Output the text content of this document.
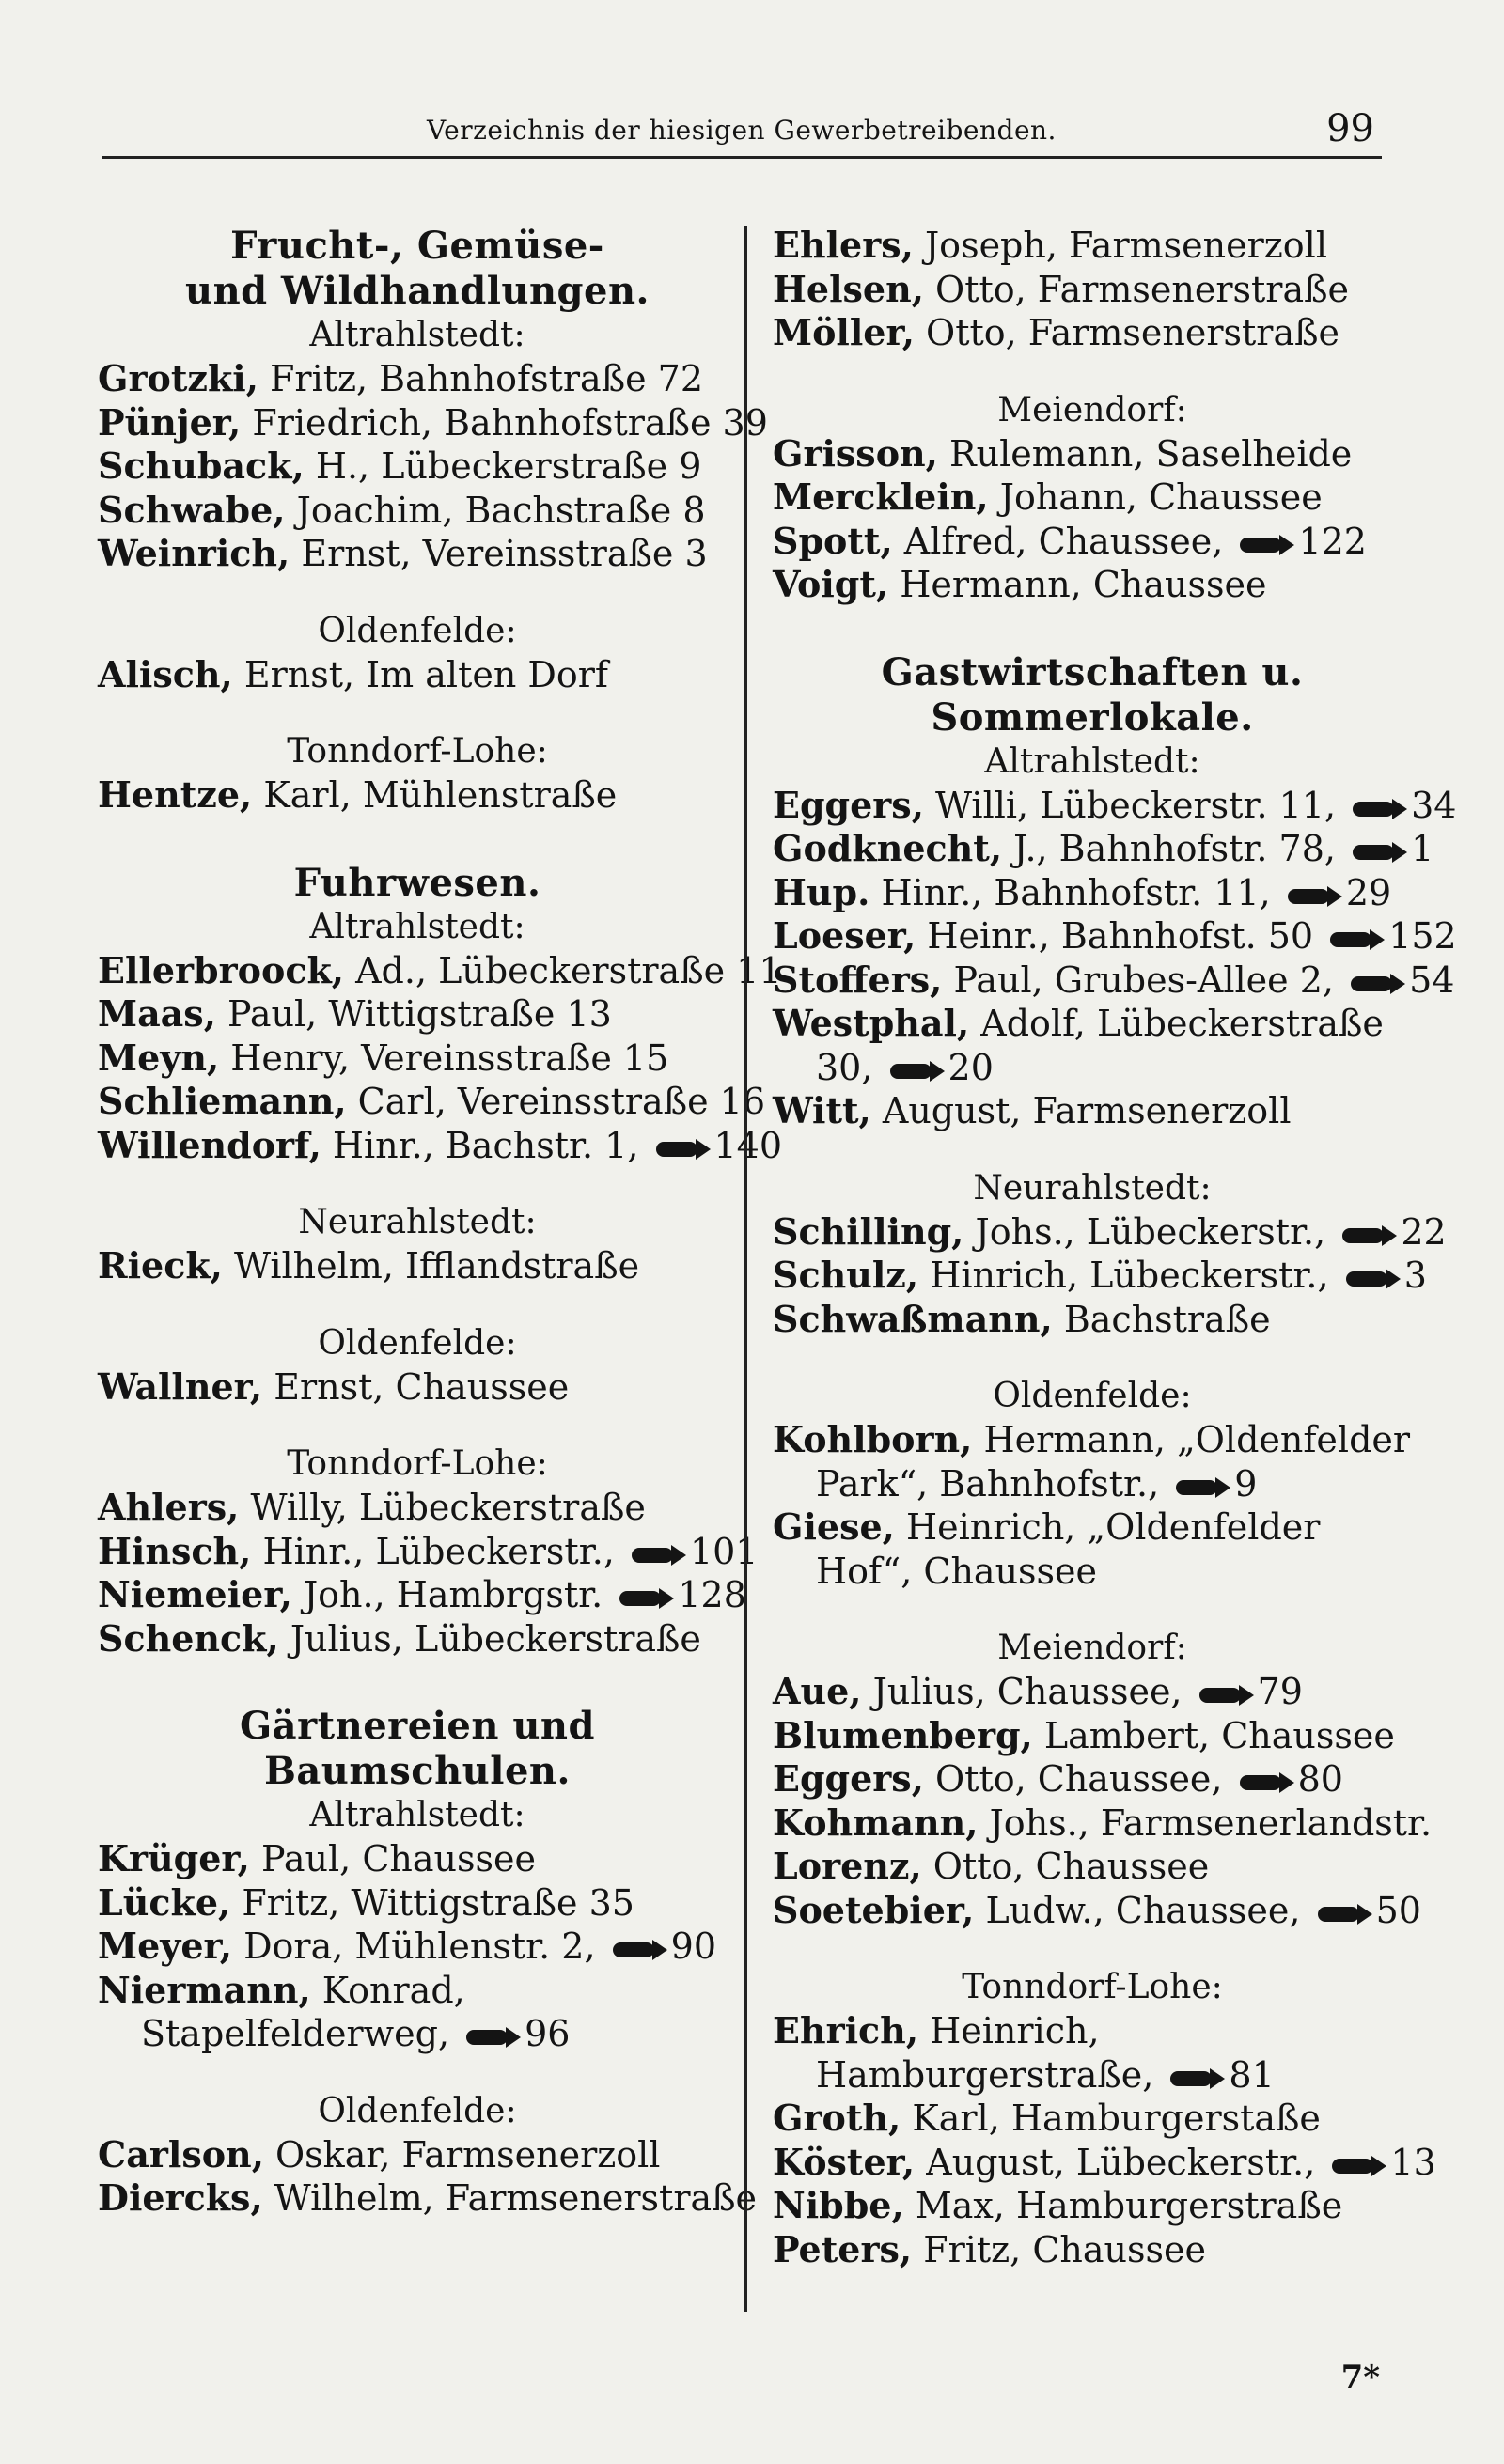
Verzeichnis der hiesigen Gewerbetreibenden.	99
Frucht-, Gemüse-
und Wildhandlungen.
Altrahlstedt:
Grotzki, Fritz, Bahnhofstraße 72
Pünjer, Friedrich, Bahnhofstraße 39
Schuback, H., Lübeckerstraße 9
Schwabe, Joachim, Bachstraße 8
Weinrich, Ernst, Vereinsstraße 3
Oldenfelde:
Alisch, Ernst, Im alten Dorf
Tonndorf-Lohe:
Hentze, Karl, Mühlenstraße
Fuhrwesen.
Altrahlstedt:
Ellerbroock, Ad., Lübeckerstraße 11
Maas, Paul, Wittigstraße 13
Meyn, Henry, Vereinsstraße 15
Schliemann, Carl, Vereinsstraße 16
Willendorf, Hinr., Bachstr. 1, 140
Neurahlstedt:
Rieck, Wilhelm, Ifflandstraße
Oldenfelde:
Wallner, Ernst, Chaussee
Tonndorf-Lohe:
Ahlers, Willy, Lübeckerstraße
Hinsch, Hinr., Lübeckerstr., 101
Niemeier, Joh., Hambrgstr. 128
Schenck, Julius, Lübeckerstraße
Gärtnereien und Baumschulen.
Altrahlstedt:
Krüger, Paul, Chaussee
Lücke, Fritz, Wittigstraße 35
Meyer, Dora, Mühlenstr. 2, 90
Niermann, Konrad, Stapelfelderweg, 96
Oldenfelde:
Carlson, Oskar, Farmsenerzoll
Diercks, Wilhelm, Farmsenerstraße
Ehlers, Joseph, Farmsenerzoll
Helsen, Otto, Farmsenerstraße
Möller, Otto, Farmsenerstraße
Meiendorf:
Grisson, Rulemann, Saselheide
Mercklein, Johann, Chaussee
Spott, Alfred, Chaussee, 122
Voigt, Hermann, Chaussee
Gastwirtschaften u. Sommerlokale.
Altrahlstedt:
Eggers, Willi, Lübeckerstr. 11, 34
Godknecht, J., Bahnhofstr. 78, 1
Hup. Hinr., Bahnhofstr. 11, 29
Loeser, Heinr., Bahnhofst. 50 152
Stoffers, Paul, Grubes-Allee 2, 54
Westphal, Adolf, Lübeckerstraße 30, 20
Witt, August, Farmsenerzoll
Neurahlstedt:
Schilling, Johs., Lübeckerstr., 22
Schulz, Hinrich, Lübeckerstr., 3
Schwaßmann, Bachstraße
Oldenfelde:
Kohlborn, Hermann, „Oldenfelder Park“, Bahnhofstr., 9
Giese, Heinrich, „Oldenfelder Hof“, Chaussee
Meiendorf:
Aue, Julius, Chaussee, 79
Blumenberg, Lambert, Chaussee
Eggers, Otto, Chaussee, 80
Kohmann, Johs., Farmsenerlandstr.
Lorenz, Otto, Chaussee
Soetebier, Ludw., Chaussee, 50
Tonndorf-Lohe:
Ehrich, Heinrich, Hamburgerstraße, 81
Groth, Karl, Hamburgerstaße
Köster, August, Lübeckerstr., 13
Nibbe, Max, Hamburgerstraße
Peters, Fritz, Chaussee
7*
